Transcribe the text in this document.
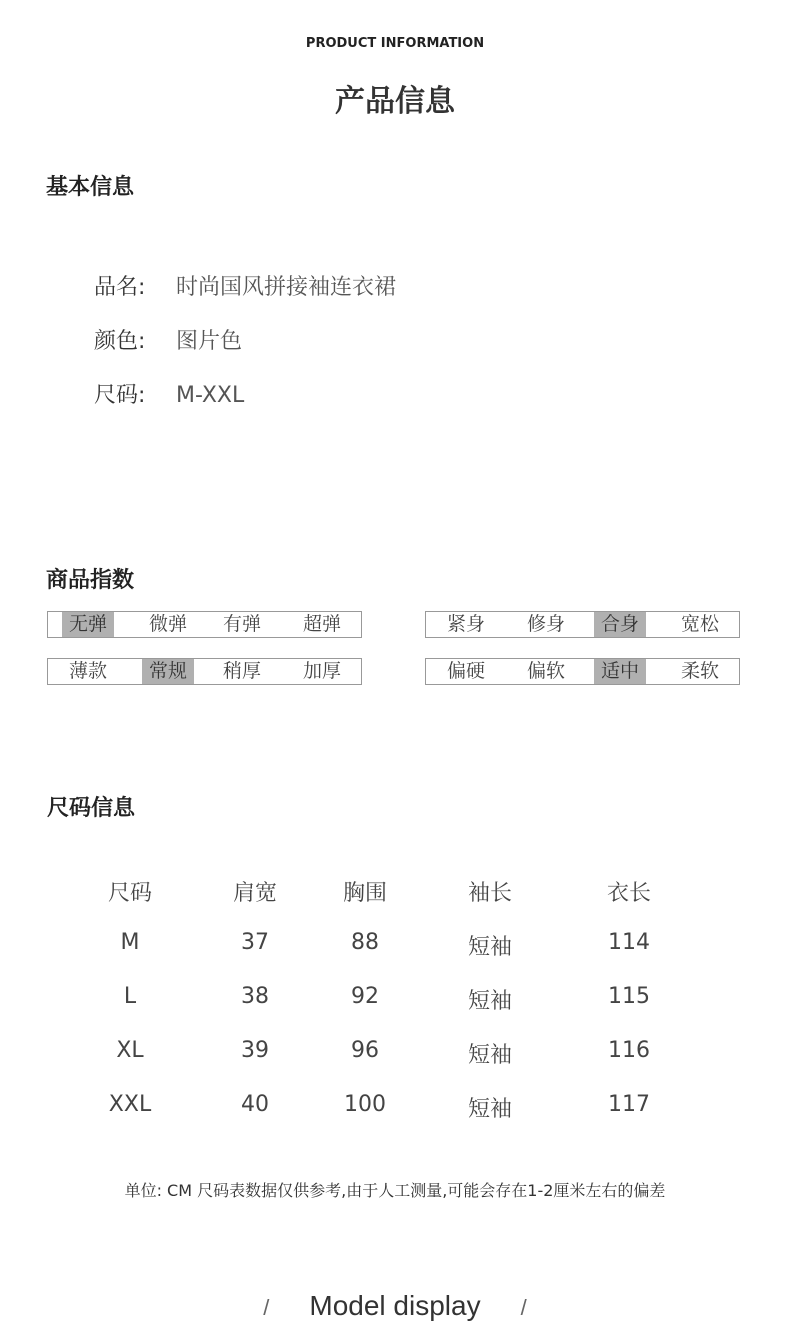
PRODUCT INFORMATION
产品信息
基本信息
品名: 时尚国风拼接袖连衣裙
颜色: 图片色
尺码: M-XXL
商品指数
无弹	微弹	有弹	超弹	紧身	修身	合身	宽松
薄款	常规	稍厚	加厚	偏硬	偏软	适中	柔软
尺码信息
尺码	肩宽	胸围	袖长	衣长
M	37	88	短袖	114
L	38	92	短袖	115
XL	39	96	短袖	116
XXL	40	100	短袖	117
单位: CM 尺码表数据仅供参考,由于人工测量,可能会存在1-2厘米左右的偏差
/ Model display /
